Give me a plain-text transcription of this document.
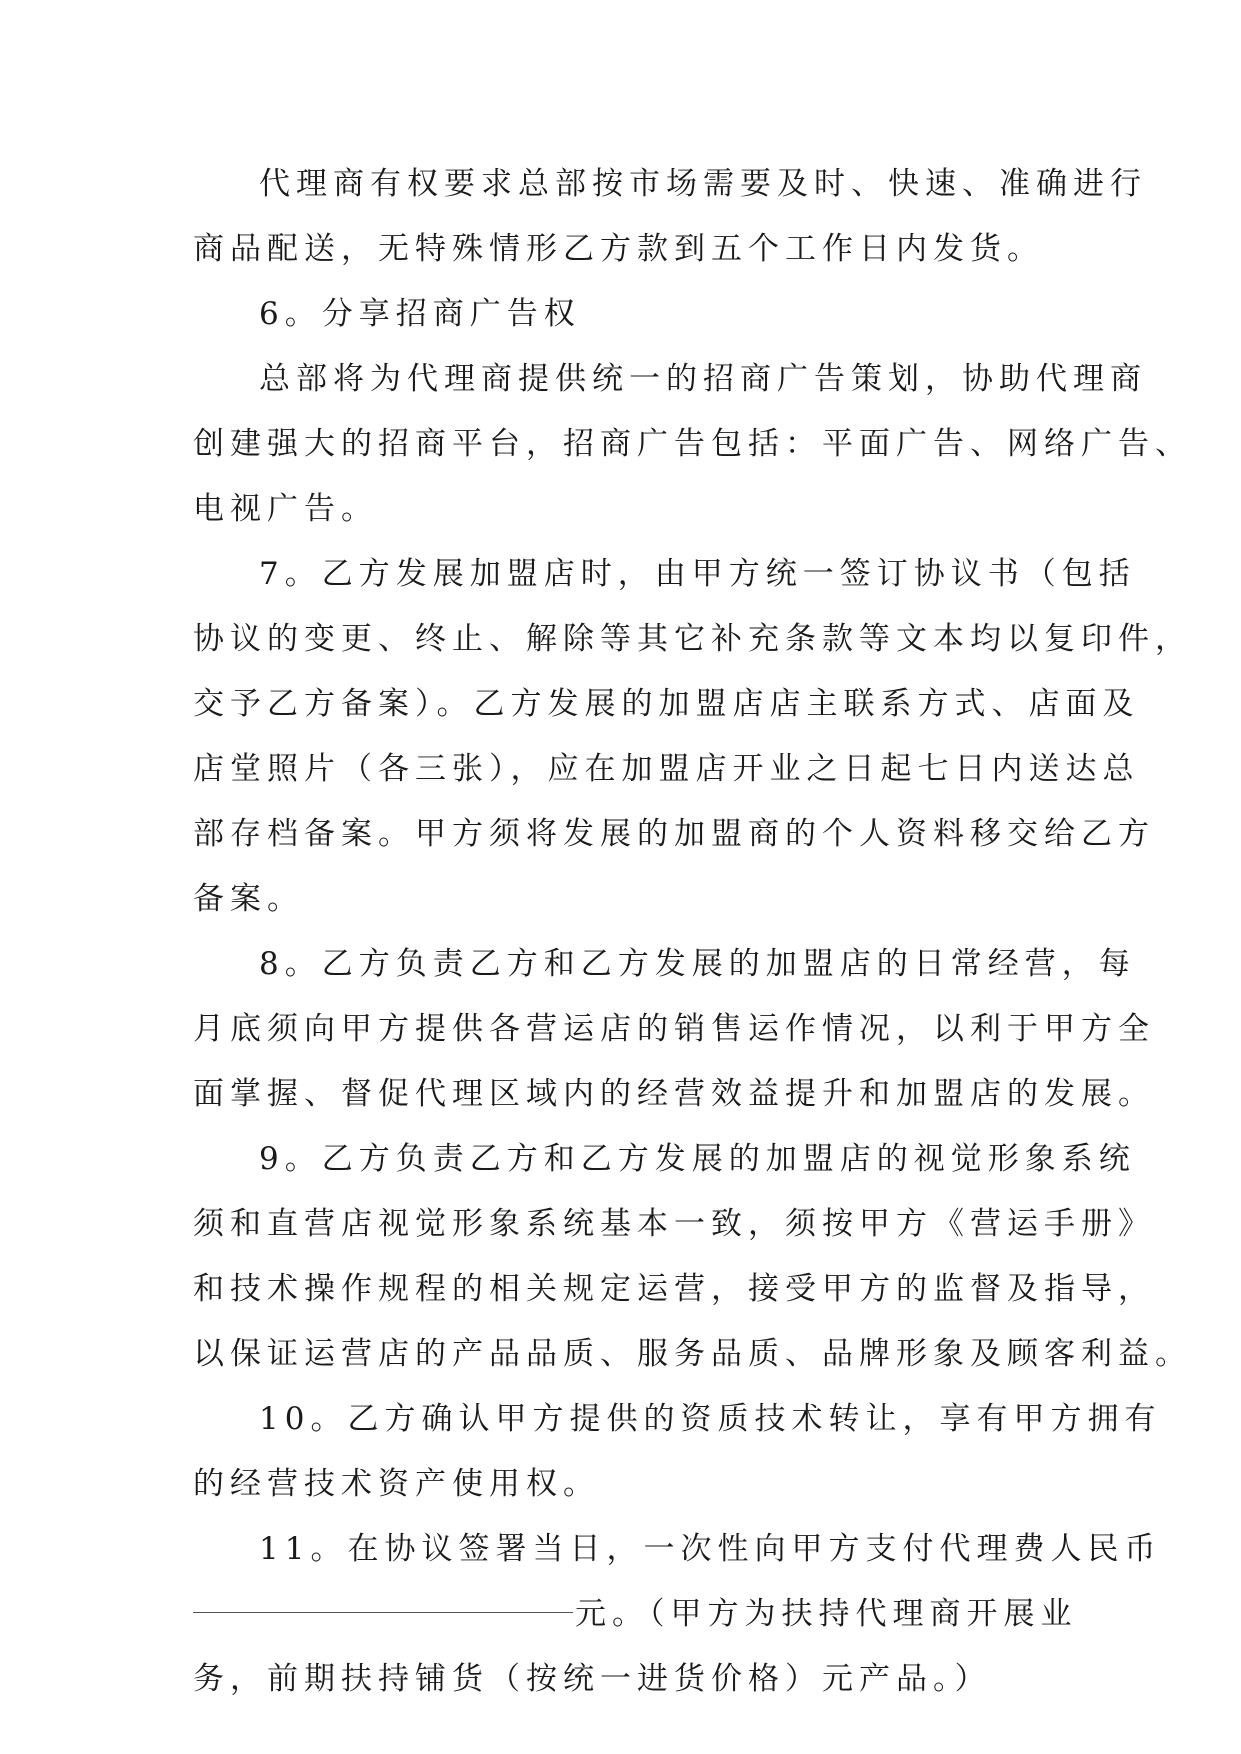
代理商有权要求总部按市场需要及时、快速、准确进行

商品配送，无特殊情形乙方款到五个工作日内发货。

6。分享招商广告权

总部将为代理商提供统一的招商广告策划，协助代理商

创建强大的招商平台，招商广告包括：平面广告、网络广告、

电视广告。

7。乙方发展加盟店时，由甲方统一签订协议书（包括

协议的变更、终止、解除等其它补充条款等文本均以复印件，

交予乙方备案）。乙方发展的加盟店店主联系方式、店面及

店堂照片（各三张），应在加盟店开业之日起七日内送达总

部存档备案。甲方须将发展的加盟商的个人资料移交给乙方

备案。

8。乙方负责乙方和乙方发展的加盟店的日常经营，每

月底须向甲方提供各营运店的销售运作情况，以利于甲方全

面掌握、督促代理区域内的经营效益提升和加盟店的发展。

9。乙方负责乙方和乙方发展的加盟店的视觉形象系统

须和直营店视觉形象系统基本一致，须按甲方《营运手册》

和技术操作规程的相关规定运营，接受甲方的监督及指导，

以保证运营店的产品品质、服务品质、品牌形象及顾客利益。

10。乙方确认甲方提供的资质技术转让，享有甲方拥有

的经营技术资产使用权。

11。在协议签署当日，一次性向甲方支付代理费人民币

元。（甲方为扶持代理商开展业

务，前期扶持铺货（按统一进货价格）元产品。）
